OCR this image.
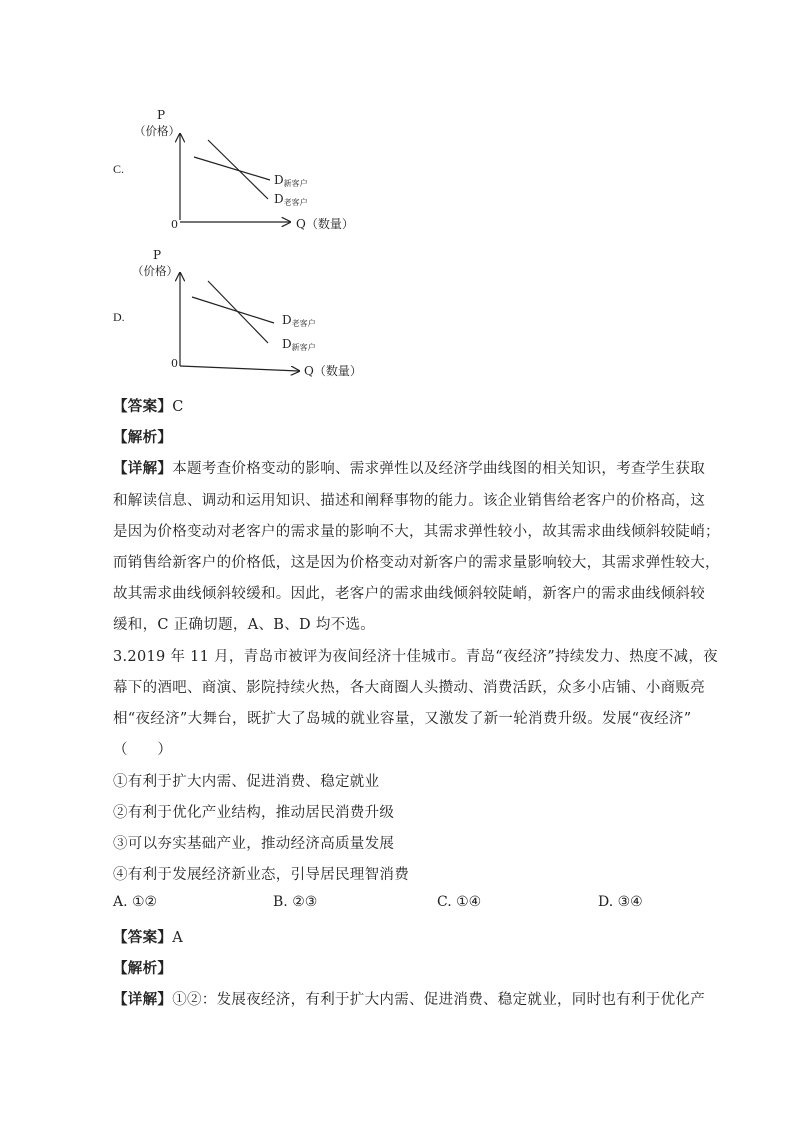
C.
P
（价格）
0	Q（数量）
D新客户
D老客户
D.
P
（价格）
0
Q（数量）
D老客户
D新客户
【答案】C
【解析】
【详解】本题考查价格变动的影响、需求弹性以及经济学曲线图的相关知识，考查学生获取
和解读信息、调动和运用知识、描述和阐释事物的能力。该企业销售给老客户的价格高，这
是因为价格变动对老客户的需求量的影响不大，其需求弹性较小，故其需求曲线倾斜较陡峭；
而销售给新客户的价格低，这是因为价格变动对新客户的需求量影响较大，其需求弹性较大，
故其需求曲线倾斜较缓和。因此，老客户的需求曲线倾斜较陡峭，新客户的需求曲线倾斜较
缓和，C 正确切题，A、B、D 均不选。
3.2019 年 11 月，青岛市被评为夜间经济十佳城市。青岛“夜经济”持续发力、热度不减，夜
幕下的酒吧、商演、影院持续火热，各大商圈人头攒动、消费活跃，众多小店铺、小商贩亮
相“夜经济”大舞台，既扩大了岛城的就业容量，又激发了新一轮消费升级。发展“夜经济”
（　　）
①有利于扩大内需、促进消费、稳定就业
②有利于优化产业结构，推动居民消费升级
③可以夯实基础产业，推动经济高质量发展
④有利于发展经济新业态，引导居民理智消费
A. ①②	B. ②③	C. ①④	D. ③④
【答案】A
【解析】
【详解】①②：发展夜经济，有利于扩大内需、促进消费、稳定就业，同时也有利于优化产
